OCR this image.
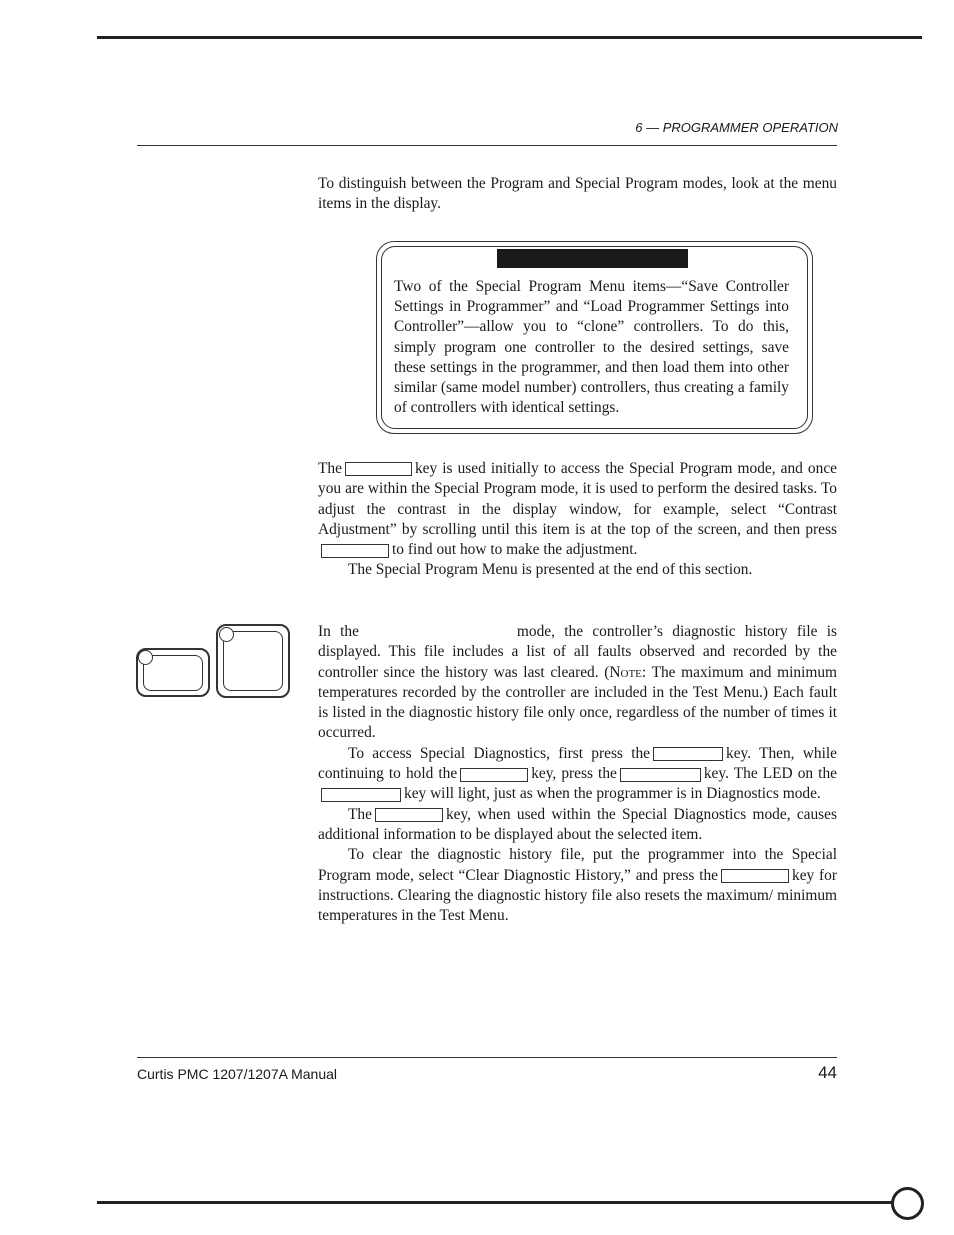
6 — PROGRAMMER OPERATION

To distinguish between the Program and Special Program modes, look at the menu items in the display.

Two of the Special Program Menu items—“Save Controller Settings in Programmer” and “Load Programmer Settings into Controller”—allow you to “clone” controllers. To do this, simply program one controller to the desired settings, save these settings in the programmer, and then load them into other similar (same model number) controllers, thus creating a family of controllers with identical settings.

The	key is used initially to access the Special Program mode, and once you are within the Special Program mode, it is used to perform the desired tasks. To adjust the contrast in the display window, for example, select “Contrast Adjustment” by scrolling until this item is at the top of the screen, and then pressto find out how to make the adjustment.

The Special Program Menu is presented at the end of this section.

In the	mode, the controller’s diagnostic history file is displayed. This file includes a list of all faults observed and recorded by the controller since the history was last cleared. (Note: The maximum and minimum temperatures recorded by the controller are included in the Test Menu.) Each fault is listed in the diagnostic history file only once, regardless of the number of times it occurred.

To access Special Diagnostics, first press the	key. Then, while continuing to hold the	key, press the	key. The LED on thekey will light, just as when the programmer is in Diagnostics mode.

The	key, when used within the Special Diagnostics mode, causes additional information to be displayed about the selected item.

To clear the diagnostic history file, put the programmer into the Special Program mode, select “Clear Diagnostic History,” and press the	key for instructions. Clearing the diagnostic history file also resets the maximum/ minimum temperatures in the Test Menu.

Curtis PMC 1207/1207A Manual	44
